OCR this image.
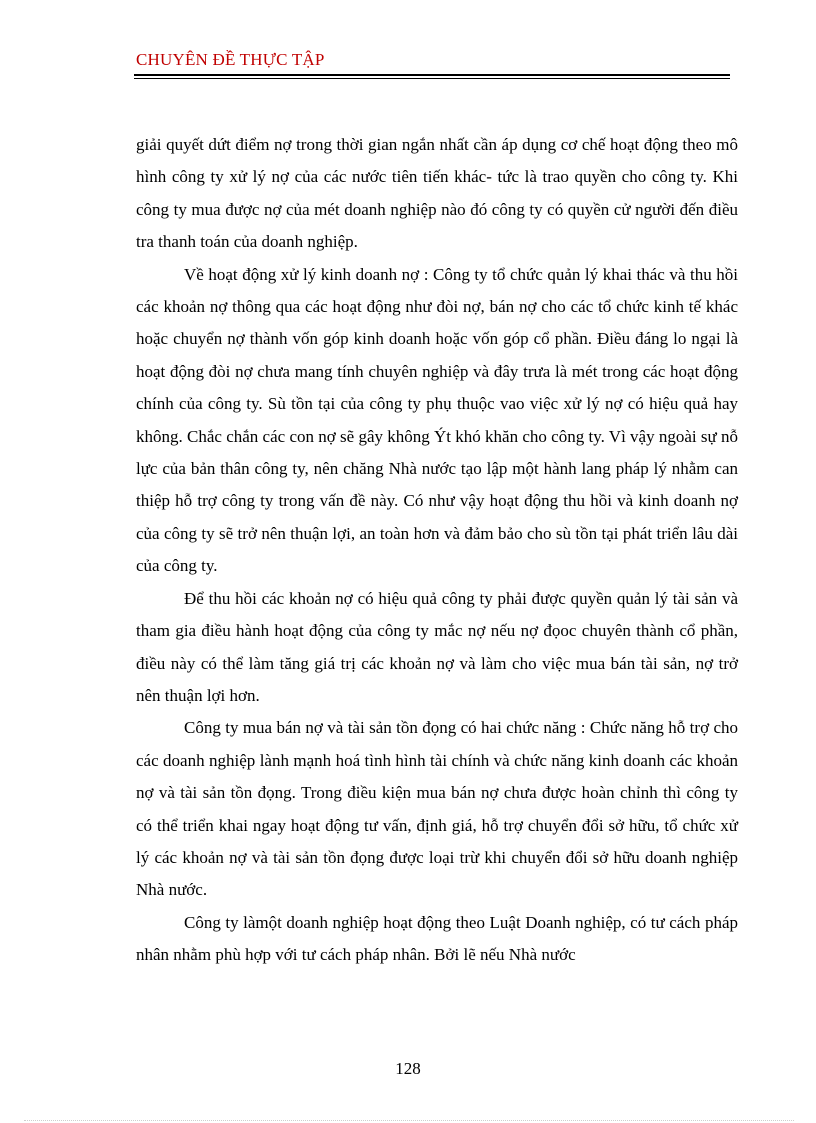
CHUYÊN ĐỀ THỰC TẬP

giải quyết dứt điểm nợ trong thời gian ngắn nhất cần áp dụng cơ chế hoạt động theo mô hình công ty xử lý nợ của các nước tiên tiến khác- tức là trao quyền cho công ty. Khi công ty mua được nợ của mét doanh nghiệp nào đó công ty có quyền cử người đến điều tra thanh toán của doanh nghiệp.

Về hoạt động xử lý kinh doanh nợ : Công ty tổ chức quản lý khai thác và thu hồi các khoản nợ thông qua các hoạt động như đòi nợ, bán nợ cho các tổ chức kinh tế khác hoặc chuyển nợ thành vốn góp kinh doanh hoặc vốn góp cổ phần. Điều đáng lo ngại là hoạt động đòi nợ chưa mang tính chuyên nghiệp và đây trưa là mét trong các hoạt động chính của công ty. Sù tồn tại của công ty phụ thuộc vao việc xử lý nợ có hiệu quả hay không. Chắc chắn các con nợ sẽ gây không Ýt khó khăn cho công ty. Vì vậy ngoài sự nỗ lực của bản thân công ty, nên chăng Nhà nước tạo lập một hành lang pháp lý nhằm can thiệp hỗ trợ công ty trong vấn đề này. Có như vậy hoạt động thu hồi và kinh doanh nợ của công ty sẽ trở nên thuận lợi, an toàn hơn và đảm bảo cho sù tồn tại phát triển lâu dài của công ty.

Để thu hồi các khoản nợ có hiệu quả công ty phải được quyền quản lý tài sản và tham gia điều hành hoạt động của công ty mắc nợ nếu nợ đọoc chuyên thành cổ phần, điều này có thể làm tăng giá trị các khoản nợ và làm cho việc mua bán tài sản, nợ trở nên thuận lợi hơn.

Công ty mua bán nợ và tài sản tồn đọng có hai chức năng : Chức năng hỗ trợ cho các doanh nghiệp lành mạnh hoá tình hình tài chính và chức năng kinh doanh các khoản nợ và tài sản tồn đọng. Trong điều kiện mua bán nợ chưa được hoàn chỉnh thì công ty có thể triển khai ngay hoạt động tư vấn, định giá, hỗ trợ chuyển đổi sở hữu, tổ chức xử lý các khoản nợ và tài sản tồn đọng được loại trừ khi chuyển đổi sở hữu doanh nghiệp Nhà nước.

Công ty làmột doanh nghiệp hoạt động theo Luật Doanh nghiệp, có tư cách pháp nhân nhằm phù hợp với tư cách pháp nhân. Bởi lẽ nếu Nhà nước

128
